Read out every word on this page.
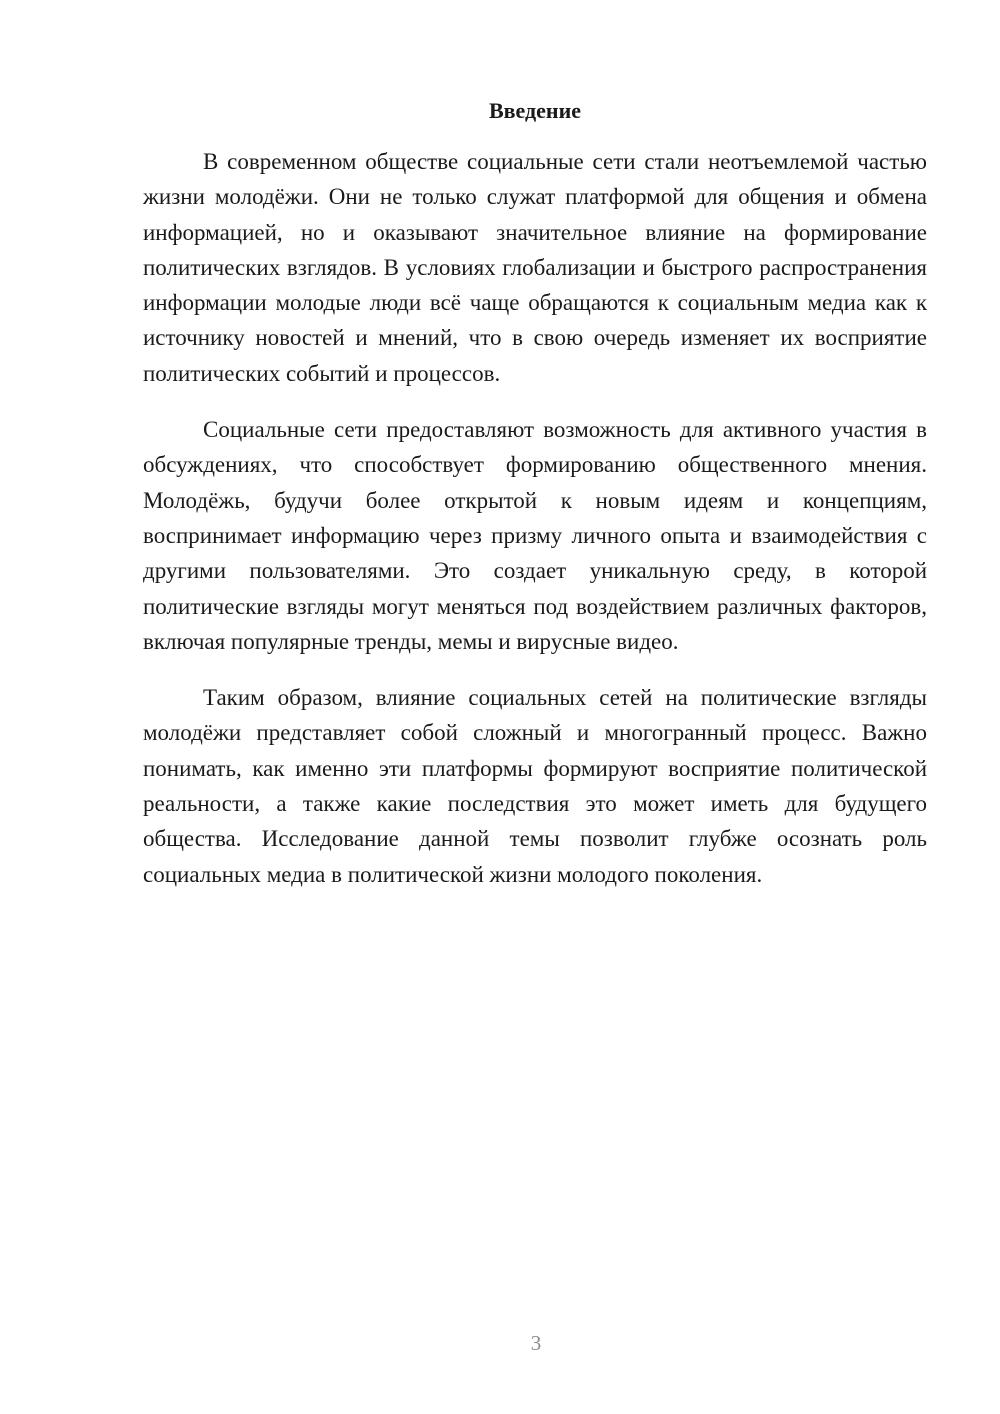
Введение

В современном обществе социальные сети стали неотъемлемой частью жизни молодёжи. Они не только служат платформой для общения и обмена информацией, но и оказывают значительное влияние на формирование политических взглядов. В условиях глобализации и быстрого распространения информации молодые люди всё чаще обращаются к социальным медиа как к источнику новостей и мнений, что в свою очередь изменяет их восприятие политических событий и процессов.

Социальные сети предоставляют возможность для активного участия в обсуждениях, что способствует формированию общественного мнения. Молодёжь, будучи более открытой к новым идеям и концепциям, воспринимает информацию через призму личного опыта и взаимодействия с другими пользователями. Это создает уникальную среду, в которой политические взгляды могут меняться под воздействием различных факторов, включая популярные тренды, мемы и вирусные видео.

Таким образом, влияние социальных сетей на политические взгляды молодёжи представляет собой сложный и многогранный процесс. Важно понимать, как именно эти платформы формируют восприятие политической реальности, а также какие последствия это может иметь для будущего общества. Исследование данной темы позволит глубже осознать роль социальных медиа в политической жизни молодого поколения.

3
